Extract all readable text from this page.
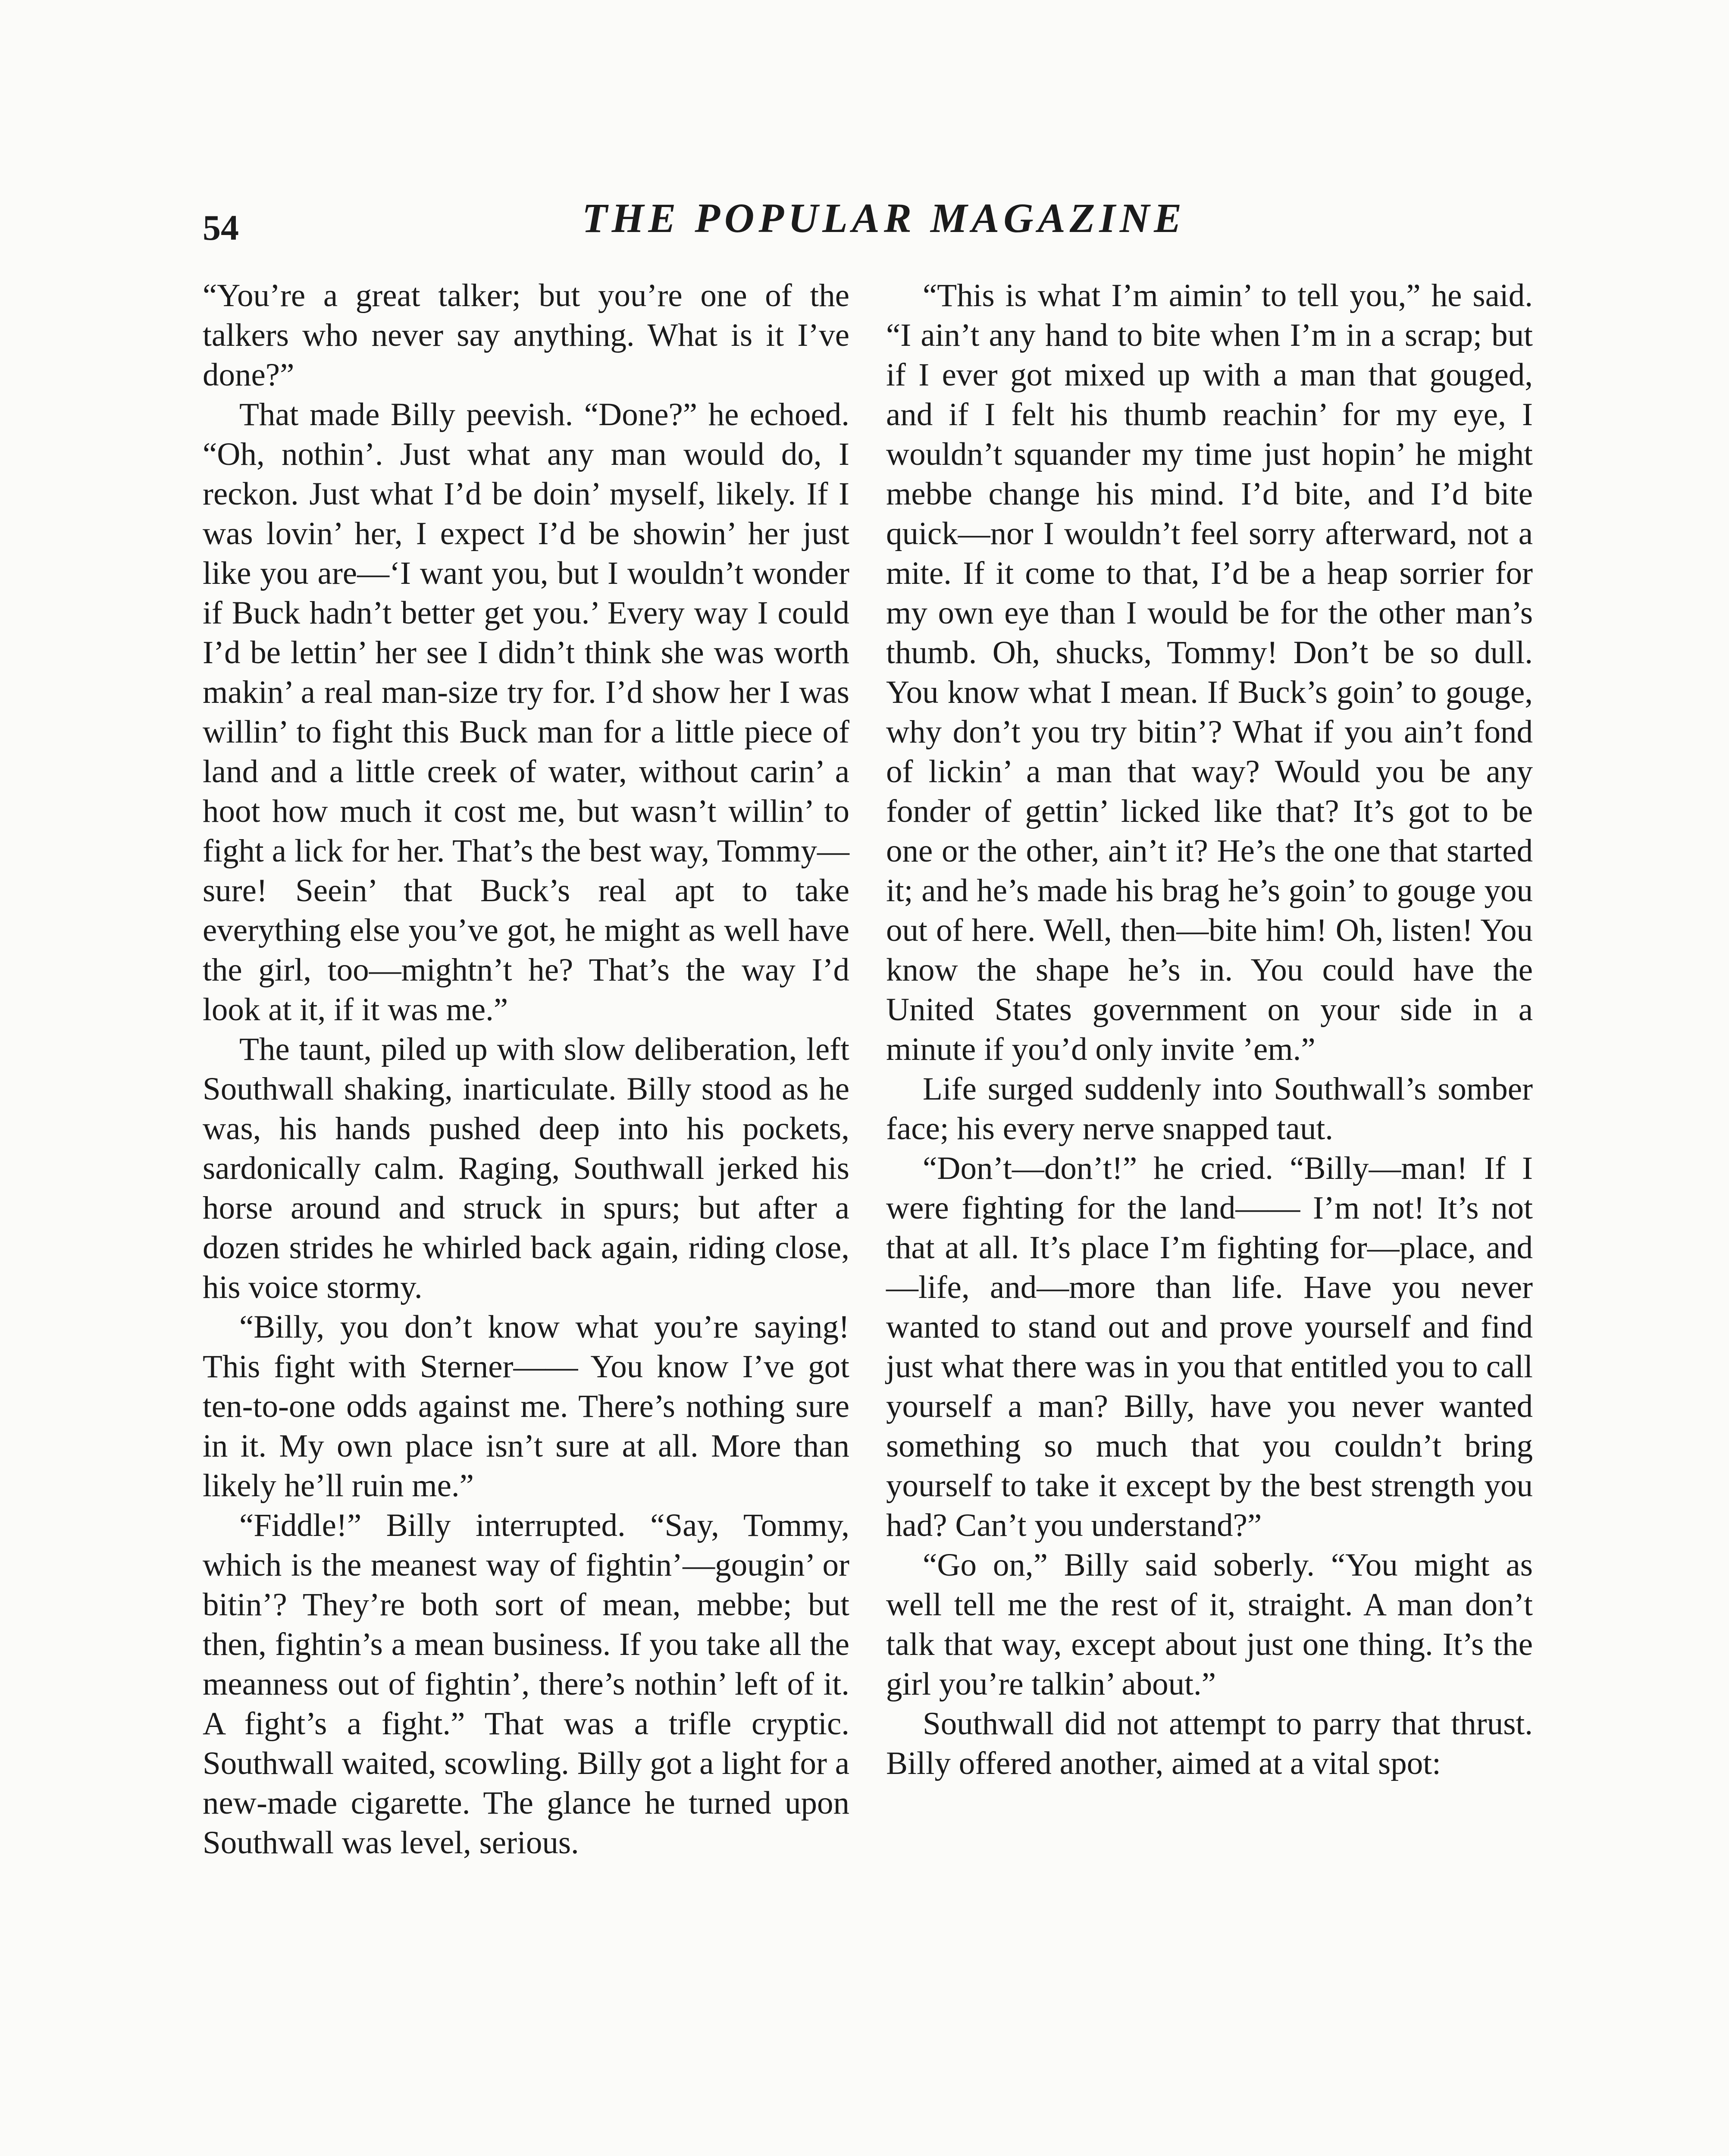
54	THE POPULAR MAGAZINE

“You’re a great talker; but you’re one of the talkers who never say anything. What is it I’ve done?”

That made Billy peevish. “Done?” he echoed. “Oh, nothin’. Just what any man would do, I reckon. Just what I’d be doin’ myself, likely. If I was lovin’ her, I expect I’d be showin’ her just like you are—‘I want you, but I wouldn’t wonder if Buck hadn’t better get you.’ Every way I could I’d be lettin’ her see I didn’t think she was worth makin’ a real man-size try for. I’d show her I was willin’ to fight this Buck man for a little piece of land and a little creek of water, without carin’ a hoot how much it cost me, but wasn’t willin’ to fight a lick for her. That’s the best way, Tommy—sure! Seein’ that Buck’s real apt to take everything else you’ve got, he might as well have the girl, too—mightn’t he? That’s the way I’d look at it, if it was me.”

The taunt, piled up with slow deliberation, left Southwall shaking, inarticulate. Billy stood as he was, his hands pushed deep into his pockets, sardonically calm. Raging, Southwall jerked his horse around and struck in spurs; but after a dozen strides he whirled back again, riding close, his voice stormy.

“Billy, you don’t know what you’re saying! This fight with Sterner—— You know I’ve got ten-to-one odds against me. There’s nothing sure in it. My own place isn’t sure at all. More than likely he’ll ruin me.”

“Fiddle!” Billy interrupted. “Say, Tommy, which is the meanest way of fightin’—gougin’ or bitin’? They’re both sort of mean, mebbe; but then, fightin’s a mean business. If you take all the meanness out of fightin’, there’s nothin’ left of it. A fight’s a fight.” That was a trifle cryptic. Southwall waited, scowling. Billy got a light for a new-made cigarette. The glance he turned upon Southwall was level, serious.

“This is what I’m aimin’ to tell you,” he said. “I ain’t any hand to bite when I’m in a scrap; but if I ever got mixed up with a man that gouged, and if I felt his thumb reachin’ for my eye, I wouldn’t squander my time just hopin’ he might mebbe change his mind. I’d bite, and I’d bite quick—nor I wouldn’t feel sorry afterward, not a mite. If it come to that, I’d be a heap sorrier for my own eye than I would be for the other man’s thumb. Oh, shucks, Tommy! Don’t be so dull. You know what I mean. If Buck’s goin’ to gouge, why don’t you try bitin’? What if you ain’t fond of lickin’ a man that way? Would you be any fonder of gettin’ licked like that? It’s got to be one or the other, ain’t it? He’s the one that started it; and he’s made his brag he’s goin’ to gouge you out of here. Well, then—bite him! Oh, listen! You know the shape he’s in. You could have the United States government on your side in a minute if you’d only invite ’em.”

Life surged suddenly into Southwall’s somber face; his every nerve snapped taut.

“Don’t—don’t!” he cried. “Billy—man! If I were fighting for the land—— I’m not! It’s not that at all. It’s place I’m fighting for—place, and —life, and—more than life. Have you never wanted to stand out and prove yourself and find just what there was in you that entitled you to call yourself a man? Billy, have you never wanted something so much that you couldn’t bring yourself to take it except by the best strength you had? Can’t you understand?”

“Go on,” Billy said soberly. “You might as well tell me the rest of it, straight. A man don’t talk that way, except about just one thing. It’s the girl you’re talkin’ about.”

Southwall did not attempt to parry that thrust. Billy offered another, aimed at a vital spot:
